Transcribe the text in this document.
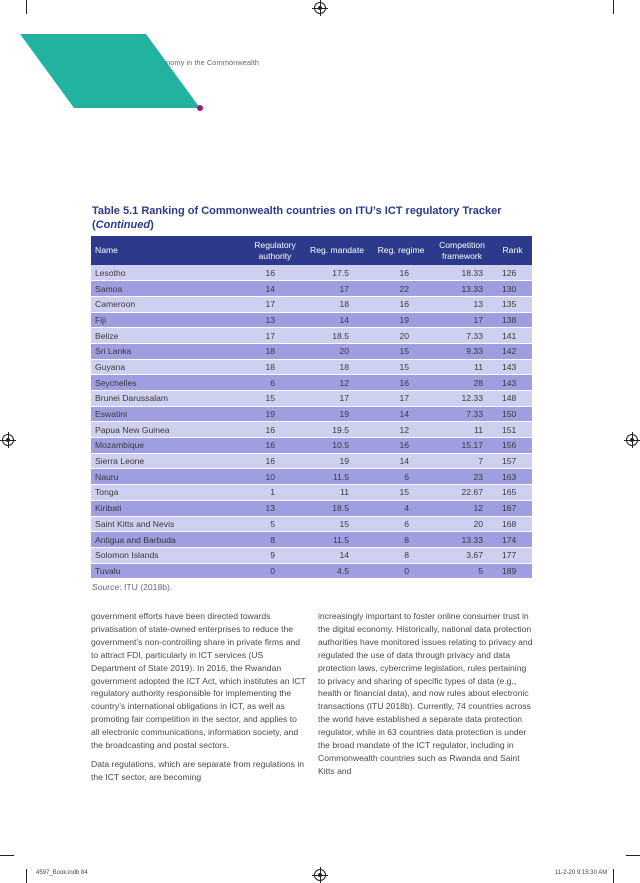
nomy in the Commonwealth
Table 5.1 Ranking of Commonwealth countries on ITU’s ICT regulatory Tracker
(Continued)
Name	Regulatory authority	Reg. mandate	Reg. regime	Competition framework	Rank
Lesotho	16	17.5	16	18.33	126
Samoa	14	17	22	13.33	130
Cameroon	17	18	16	13	135
Fiji	13	14	19	17	138
Belize	17	18.5	20	7.33	141
Sri Lanka	18	20	15	9.33	142
Guyana	18	18	15	11	143
Seychelles	6	12	16	28	143
Brunei Darussalam	15	17	17	12.33	148
Eswatini	19	19	14	7.33	150
Papua New Guinea	16	19.5	12	11	151
Mozambique	16	10.5	16	15.17	156
Sierra Leone	16	19	14	7	157
Nauru	10	11.5	6	23	163
Tonga	1	11	15	22.67	165
Kiribati	13	18.5	4	12	167
Saint Kitts and Nevis	5	15	6	20	168
Antigua and Barbuda	8	11.5	8	13.33	174
Solomon Islands	9	14	8	3.67	177
Tuvalu	0	4.5	0	5	189
Source: ITU (2018b).

government efforts have been directed towards privatisation of state-owned enterprises to reduce the government’s non-controlling share in private firms and to attract FDI, particularly in ICT services (US Department of State 2019). In 2016, the Rwandan government adopted the ICT Act, which institutes an ICT regulatory authority responsible for implementing the country’s international obligations in ICT, as well as promoting fair competition in the sector, and applies to all electronic communications, information society, and the broadcasting and postal sectors.

Data regulations, which are separate from regulations in the ICT sector, are becoming

increasingly important to foster online consumer trust in the digital economy. Historically, national data protection authorities have monitored issues relating to privacy and regulated the use of data through privacy and data protection laws, cybercrime legislation, rules pertaining to privacy and sharing of specific types of data (e.g., health or financial data), and now rules about electronic transactions (ITU 2018b). Currently, 74 countries across the world have established a separate data protection regulator, while in 63 countries data protection is under the broad mandate of the ICT regulator, including in Commonwealth countries such as Rwanda and Saint Kitts and

4597_Book.indb 84	11-2-20 9:15:30 AM
